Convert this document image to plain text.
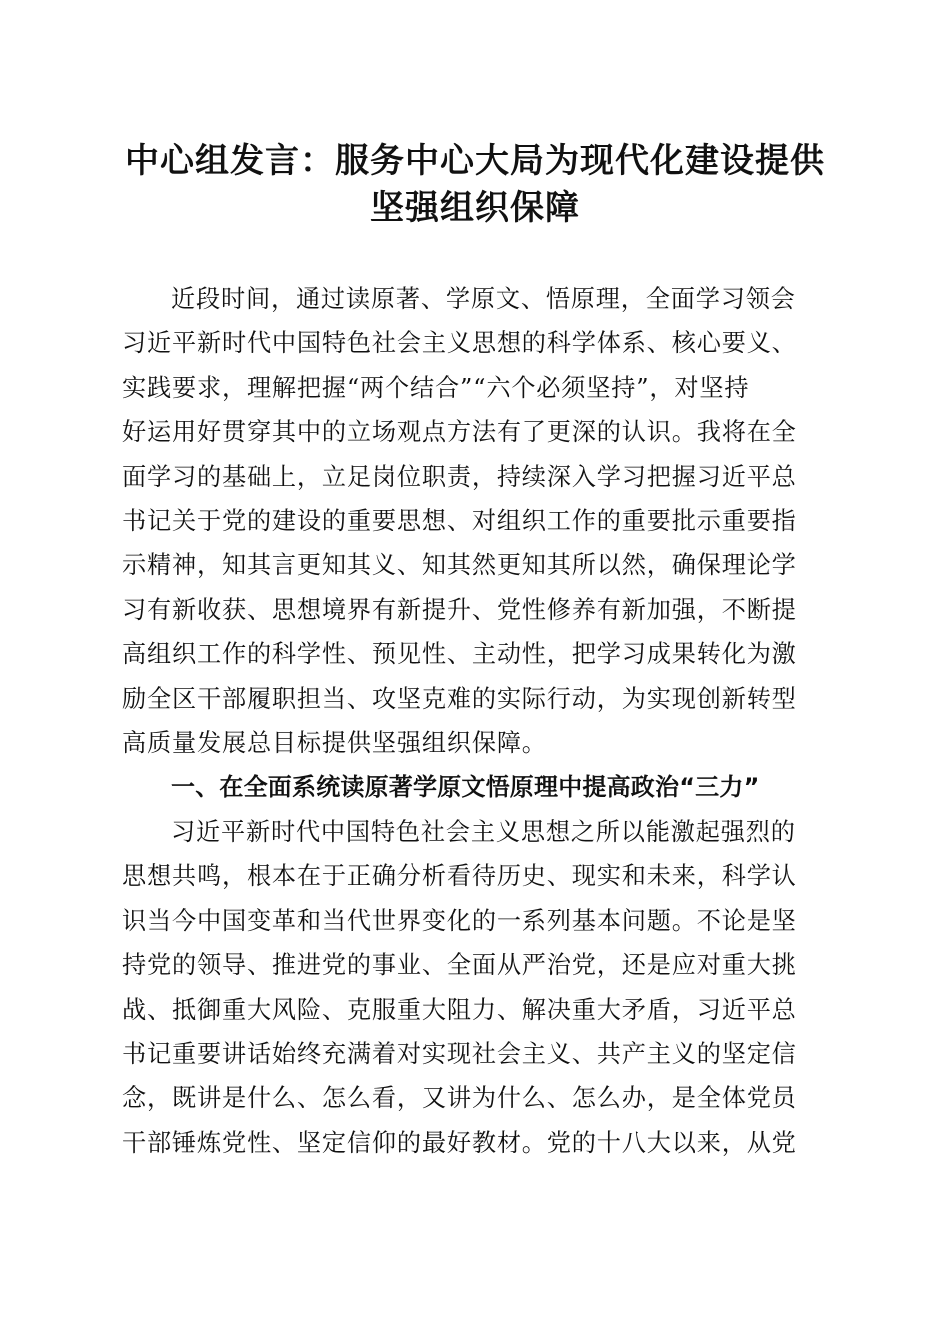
中心组发言：服务中心大局为现代化建设提供
坚强组织保障
近段时间，通过读原著、学原文、悟原理，全面学习领会
习近平新时代中国特色社会主义思想的科学体系、核心要义、
实践要求，理解把握“两个结合”“六个必须坚持”，对坚持
好运用好贯穿其中的立场观点方法有了更深的认识。我将在全
面学习的基础上，立足岗位职责，持续深入学习把握习近平总
书记关于党的建设的重要思想、对组织工作的重要批示重要指
示精神，知其言更知其义、知其然更知其所以然，确保理论学
习有新收获、思想境界有新提升、党性修养有新加强，不断提
高组织工作的科学性、预见性、主动性，把学习成果转化为激
励全区干部履职担当、攻坚克难的实际行动，为实现创新转型
高质量发展总目标提供坚强组织保障。
一、在全面系统读原著学原文悟原理中提高政治“三力”
习近平新时代中国特色社会主义思想之所以能激起强烈的
思想共鸣，根本在于正确分析看待历史、现实和未来，科学认
识当今中国变革和当代世界变化的一系列基本问题。不论是坚
持党的领导、推进党的事业、全面从严治党，还是应对重大挑
战、抵御重大风险、克服重大阻力、解决重大矛盾，习近平总
书记重要讲话始终充满着对实现社会主义、共产主义的坚定信
念，既讲是什么、怎么看，又讲为什么、怎么办，是全体党员
干部锤炼党性、坚定信仰的最好教材。党的十八大以来，从党
